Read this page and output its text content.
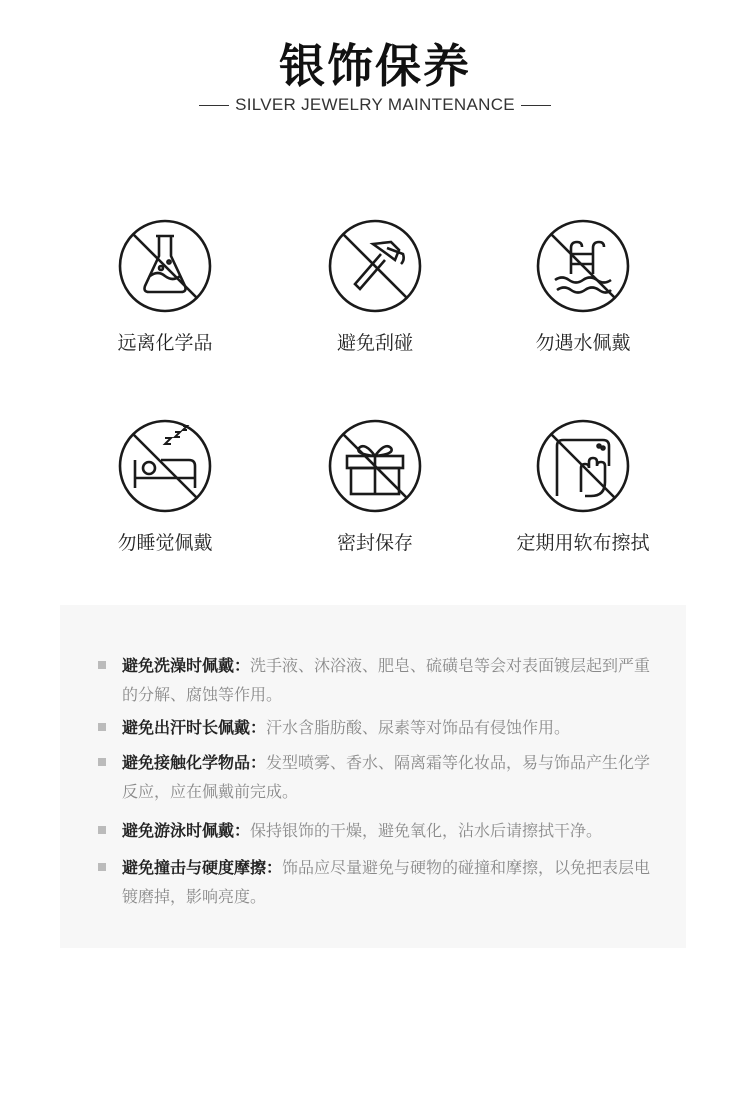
银饰保养
SILVER JEWELRY MAINTENANCE
远离化学品	避免刮碰	勿遇水佩戴
勿睡觉佩戴	密封保存	定期用软布擦拭
避免洗澡时佩戴：洗手液、沐浴液、肥皂、硫磺皂等会对表面镀层起到严重的分解、腐蚀等作用。
避免出汗时长佩戴：汗水含脂肪酸、尿素等对饰品有侵蚀作用。
避免接触化学物品：发型喷雾、香水、隔离霜等化妆品，易与饰品产生化学反应，应在佩戴前完成。
避免游泳时佩戴：保持银饰的干燥，避免氧化，沾水后请擦拭干净。
避免撞击与硬度摩擦：饰品应尽量避免与硬物的碰撞和摩擦，以免把表层电镀磨掉，影响亮度。
